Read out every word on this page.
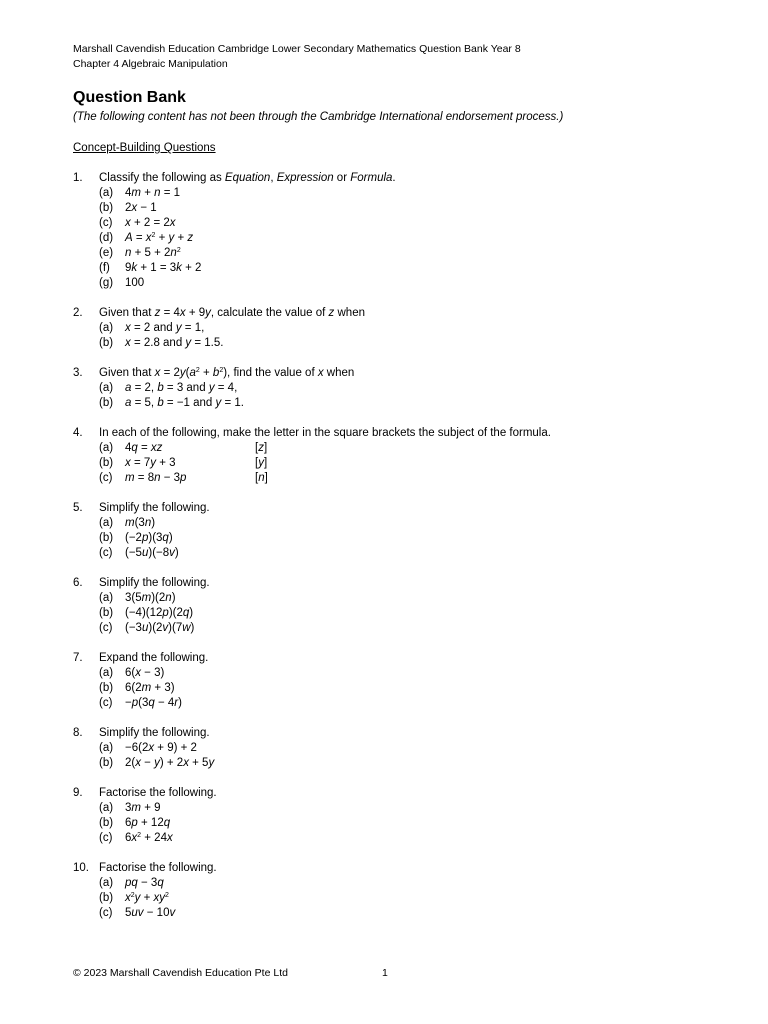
Marshall Cavendish Education Cambridge Lower Secondary Mathematics Question Bank Year 8
Chapter 4 Algebraic Manipulation
Question Bank
(The following content has not been through the Cambridge International endorsement process.)
Concept-Building Questions
1.	Classify the following as Equation, Expression or Formula.
(a)	4m + n = 1
(b)	2x − 1
(c)	x + 2 = 2x
(d)	$A = x^2 + y + z$
(e)	$n + 5 + 2n^2$
(f)	9k + 1 = 3k + 2
(g)	100
2.	Given that z = 4x + 9y, calculate the value of z when
(a)	x = 2 and y = 1,
(b)	x = 2.8 and y = 1.5.
3.	Given that $x = 2y(a^2 + b^2)$, find the value of x when
(a)	a = 2, b = 3 and y = 4,
(b)	a = 5, b = −1 and y = 1.
4.	In each of the following, make the letter in the square brackets the subject of the formula.
(a)	4q = xz	[z]
(b)	x = 7y + 3	[y]
(c)	m = 8n − 3p	[n]
5.	Simplify the following.
(a)	m(3n)
(b)	(−2p)(3q)
(c)	(−5u)(−8v)
6.	Simplify the following.
(a)	3(5m)(2n)
(b)	(−4)(12p)(2q)
(c)	(−3u)(2v)(7w)
7.	Expand the following.
(a)	6(x − 3)
(b)	6(2m + 3)
(c)	−p(3q − 4r)
8.	Simplify the following.
(a)	−6(2x + 9) + 2
(b)	2(x − y) + 2x + 5y
9.	Factorise the following.
(a)	3m + 9
(b)	6p + 12q
(c)	$6x^2 + 24x$
10. Factorise the following.
(a)	pq − 3q
(b)	$x^2y + xy^2$
(c)	5uv − 10v
© 2023 Marshall Cavendish Education Pte Ltd	1
